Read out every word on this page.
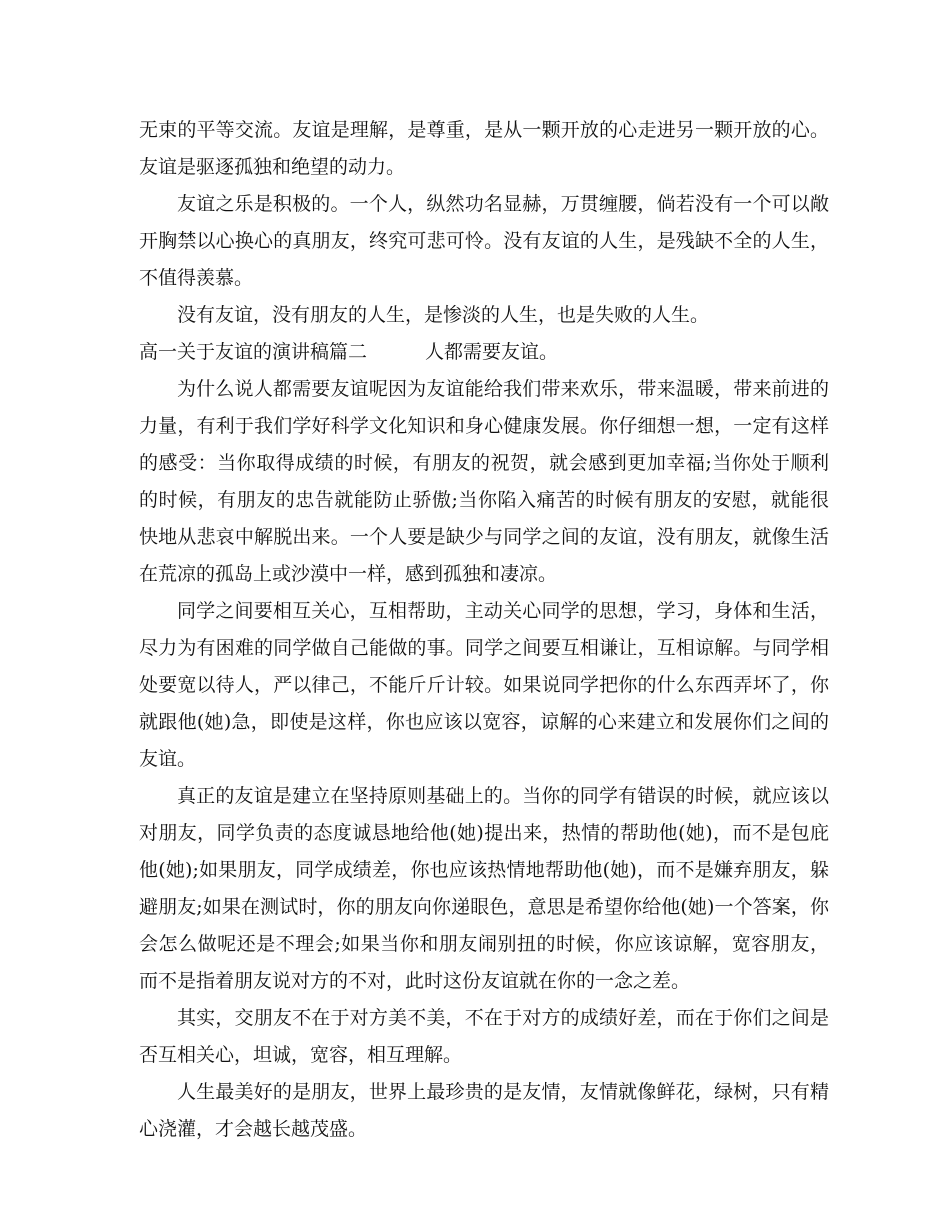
无束的平等交流。友谊是理解，是尊重，是从一颗开放的心走进另一颗开放的心。友谊是驱逐孤独和绝望的动力。

友谊之乐是积极的。一个人，纵然功名显赫，万贯缠腰，倘若没有一个可以敞开胸禁以心换心的真朋友，终究可悲可怜。没有友谊的人生，是残缺不全的人生，不值得羡慕。

没有友谊，没有朋友的人生，是惨淡的人生，也是失败的人生。

高一关于友谊的演讲稿篇二	人都需要友谊。

为什么说人都需要友谊呢因为友谊能给我们带来欢乐，带来温暖，带来前进的力量，有利于我们学好科学文化知识和身心健康发展。你仔细想一想，一定有这样的感受：当你取得成绩的时候，有朋友的祝贺，就会感到更加幸福;当你处于顺利的时候，有朋友的忠告就能防止骄傲;当你陷入痛苦的时候有朋友的安慰，就能很快地从悲哀中解脱出来。一个人要是缺少与同学之间的友谊，没有朋友，就像生活在荒凉的孤岛上或沙漠中一样，感到孤独和凄凉。

同学之间要相互关心，互相帮助，主动关心同学的思想，学习，身体和生活，尽力为有困难的同学做自己能做的事。同学之间要互相谦让，互相谅解。与同学相处要宽以待人，严以律己，不能斤斤计较。如果说同学把你的什么东西弄坏了，你就跟他(她)急，即使是这样，你也应该以宽容，谅解的心来建立和发展你们之间的友谊。

真正的友谊是建立在坚持原则基础上的。当你的同学有错误的时候，就应该以对朋友，同学负责的态度诚恳地给他(她)提出来，热情的帮助他(她)，而不是包庇他(她);如果朋友，同学成绩差，你也应该热情地帮助他(她)，而不是嫌弃朋友，躲避朋友;如果在测试时，你的朋友向你递眼色，意思是希望你给他(她)一个答案，你会怎么做呢还是不理会;如果当你和朋友闹别扭的时候，你应该谅解，宽容朋友，而不是指着朋友说对方的不对，此时这份友谊就在你的一念之差。

其实，交朋友不在于对方美不美，不在于对方的成绩好差，而在于你们之间是否互相关心，坦诚，宽容，相互理解。

人生最美好的是朋友，世界上最珍贵的是友情，友情就像鲜花，绿树，只有精心浇灌，才会越长越茂盛。
